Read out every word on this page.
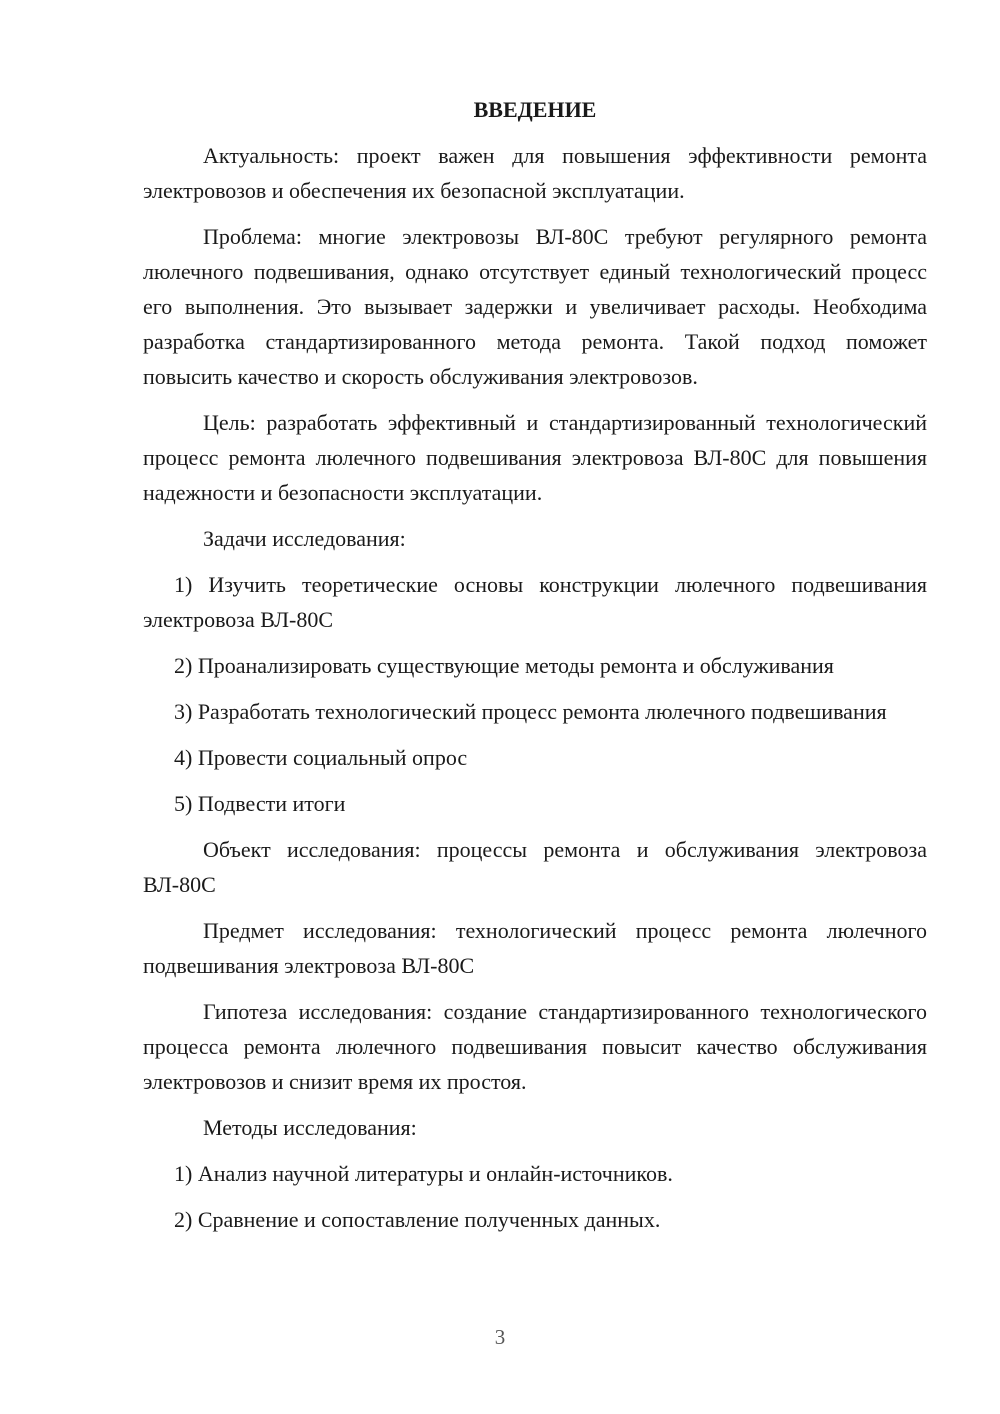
ВВЕДЕНИЕ
Актуальность: проект важен для повышения эффективности ремонта электровозов и обеспечения их безопасной эксплуатации.
Проблема: многие электровозы ВЛ-80С требуют регулярного ремонта люлечного подвешивания, однако отсутствует единый технологический процесс его выполнения. Это вызывает задержки и увеличивает расходы. Необходима разработка стандартизированного метода ремонта. Такой подход поможет повысить качество и скорость обслуживания электровозов.
Цель: разработать эффективный и стандартизированный технологический процесс ремонта люлечного подвешивания электровоза ВЛ-80С для повышения надежности и безопасности эксплуатации.
Задачи исследования:
1) Изучить теоретические основы конструкции люлечного подвешивания электровоза ВЛ-80С
2) Проанализировать существующие методы ремонта и обслуживания
3) Разработать технологический процесс ремонта люлечного подвешивания
4) Провести социальный опрос
5) Подвести итоги
Объект исследования: процессы ремонта и обслуживания электровоза ВЛ-80С
Предмет исследования: технологический процесс ремонта люлечного подвешивания электровоза ВЛ-80С
Гипотеза исследования: создание стандартизированного технологического процесса ремонта люлечного подвешивания повысит качество обслуживания электровозов и снизит время их простоя.
Методы исследования:
1) Анализ научной литературы и онлайн-источников.
2) Сравнение и сопоставление полученных данных.
3
